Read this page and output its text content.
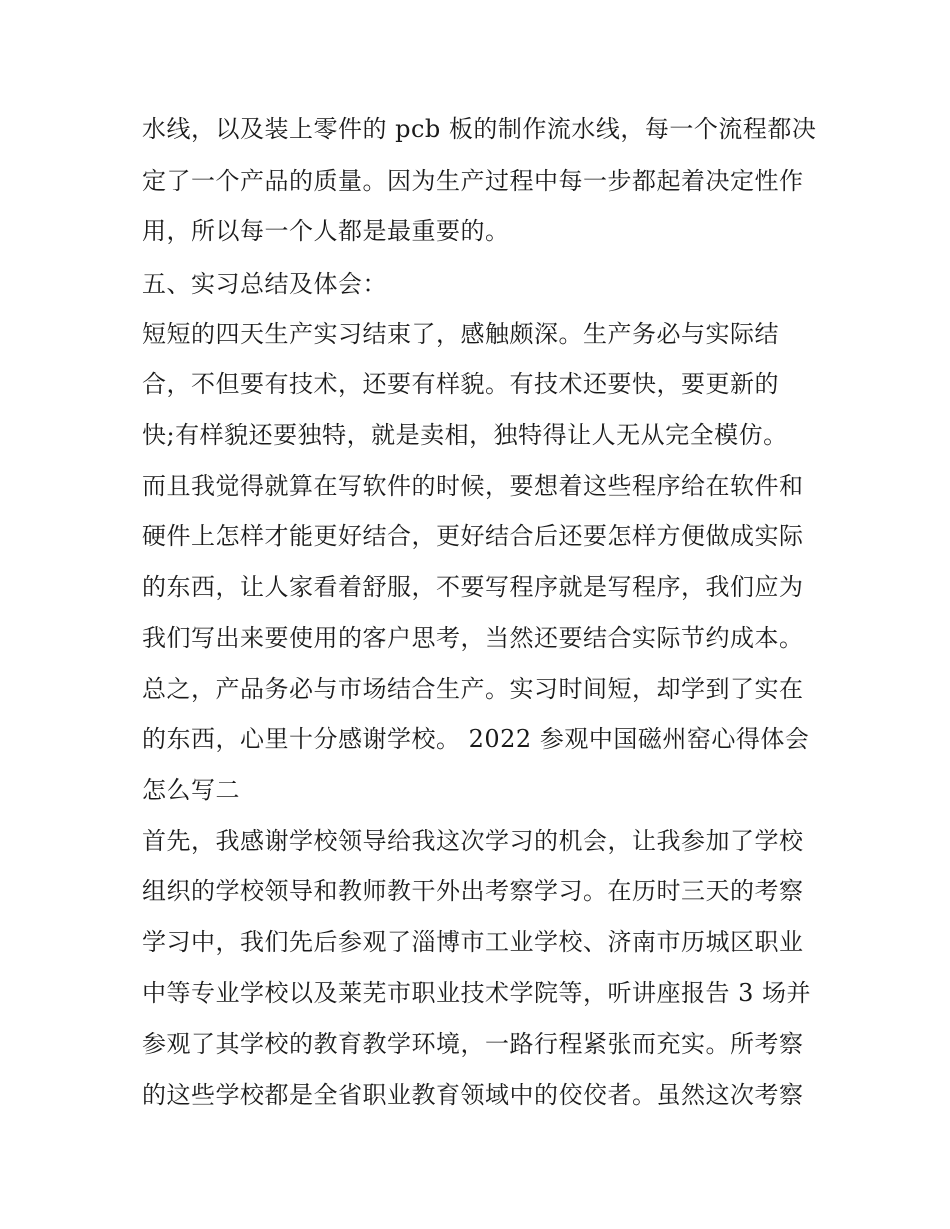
水线，以及装上零件的 pcb 板的制作流水线，每一个流程都决
定了一个产品的质量。因为生产过程中每一步都起着决定性作
用，所以每一个人都是最重要的。
五、实习总结及体会：
短短的四天生产实习结束了，感触颇深。生产务必与实际结
合，不但要有技术，还要有样貌。有技术还要快，要更新的
快;有样貌还要独特，就是卖相，独特得让人无从完全模仿。
而且我觉得就算在写软件的时候，要想着这些程序给在软件和
硬件上怎样才能更好结合，更好结合后还要怎样方便做成实际
的东西，让人家看着舒服，不要写程序就是写程序，我们应为
我们写出来要使用的客户思考，当然还要结合实际节约成本。
总之，产品务必与市场结合生产。实习时间短，却学到了实在
的东西，心里十分感谢学校。 2022 参观中国磁州窑心得体会
怎么写二
首先，我感谢学校领导给我这次学习的机会，让我参加了学校
组织的学校领导和教师教干外出考察学习。在历时三天的考察
学习中，我们先后参观了淄博市工业学校、济南市历城区职业
中等专业学校以及莱芜市职业技术学院等，听讲座报告 3 场并
参观了其学校的教育教学环境，一路行程紧张而充实。所考察
的这些学校都是全省职业教育领域中的佼佼者。虽然这次考察
